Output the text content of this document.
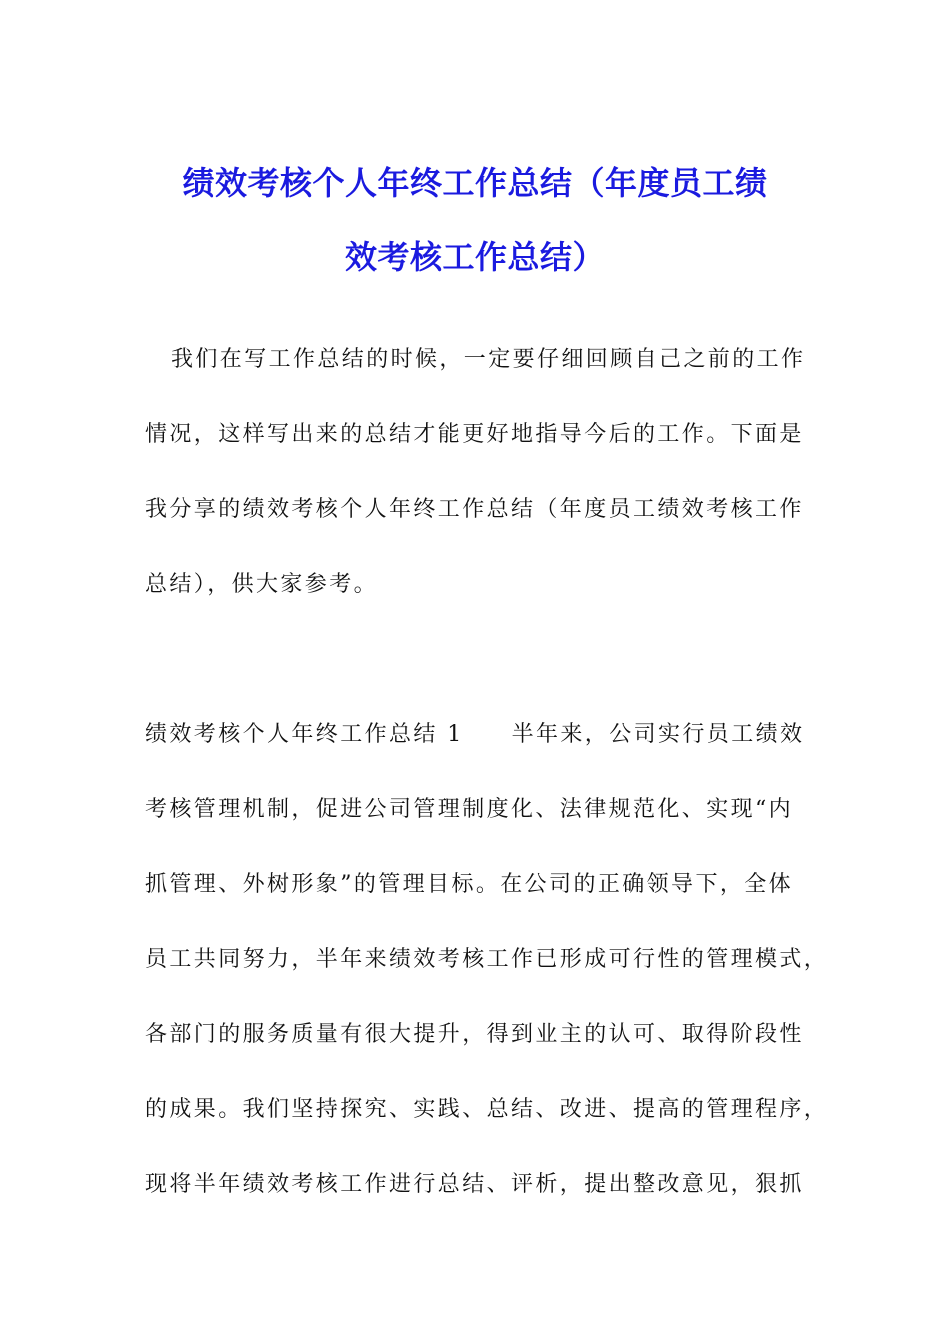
绩效考核个人年终工作总结（年度员工绩
效考核工作总结）
我们在写工作总结的时候，一定要仔细回顾自己之前的工作
情况，这样写出来的总结才能更好地指导今后的工作。下面是
我分享的绩效考核个人年终工作总结（年度员工绩效考核工作
总结），供大家参考。
绩效考核个人年终工作总结 1 半年来，公司实行员工绩效
考核管理机制，促进公司管理制度化、法律规范化、实现“内
抓管理、外树形象”的管理目标。在公司的正确领导下，全体
员工共同努力，半年来绩效考核工作已形成可行性的管理模式，
各部门的服务质量有很大提升，得到业主的认可、取得阶段性
的成果。我们坚持探究、实践、总结、改进、提高的管理程序，
现将半年绩效考核工作进行总结、评析，提出整改意见，狠抓
